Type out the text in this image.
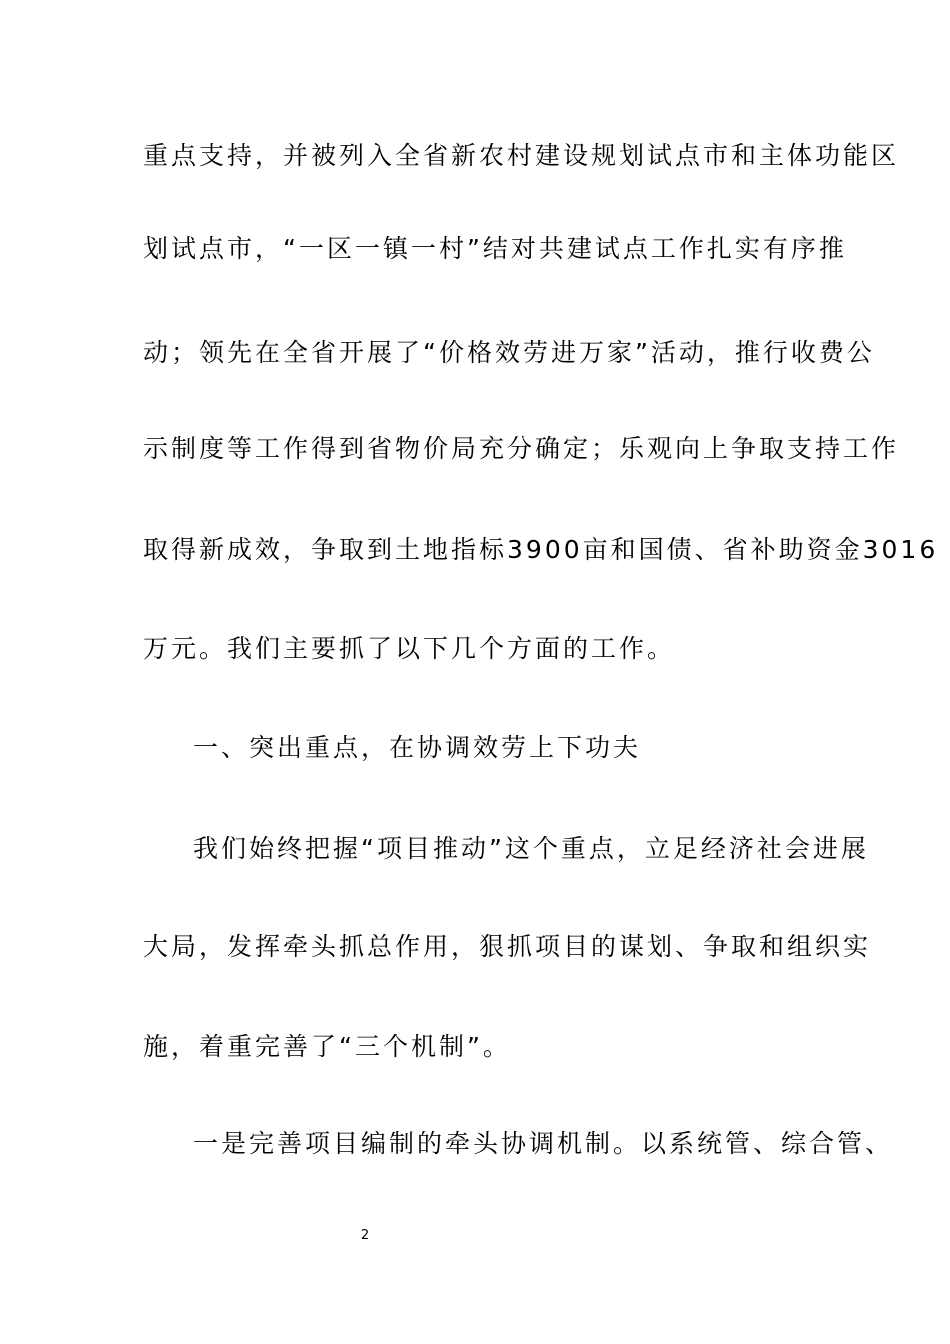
重点支持，并被列入全省新农村建设规划试点市和主体功能区
划试点市，“一区一镇一村”结对共建试点工作扎实有序推
动；领先在全省开展了“价格效劳进万家”活动，推行收费公
示制度等工作得到省物价局充分确定；乐观向上争取支持工作
取得新成效，争取到土地指标3900亩和国债、省补助资金3016
万元。我们主要抓了以下几个方面的工作。
一、突出重点，在协调效劳上下功夫
我们始终把握“项目推动”这个重点，立足经济社会进展
大局，发挥牵头抓总作用，狠抓项目的谋划、争取和组织实
施，着重完善了“三个机制”。
一是完善项目编制的牵头协调机制。以系统管、综合管、
2
